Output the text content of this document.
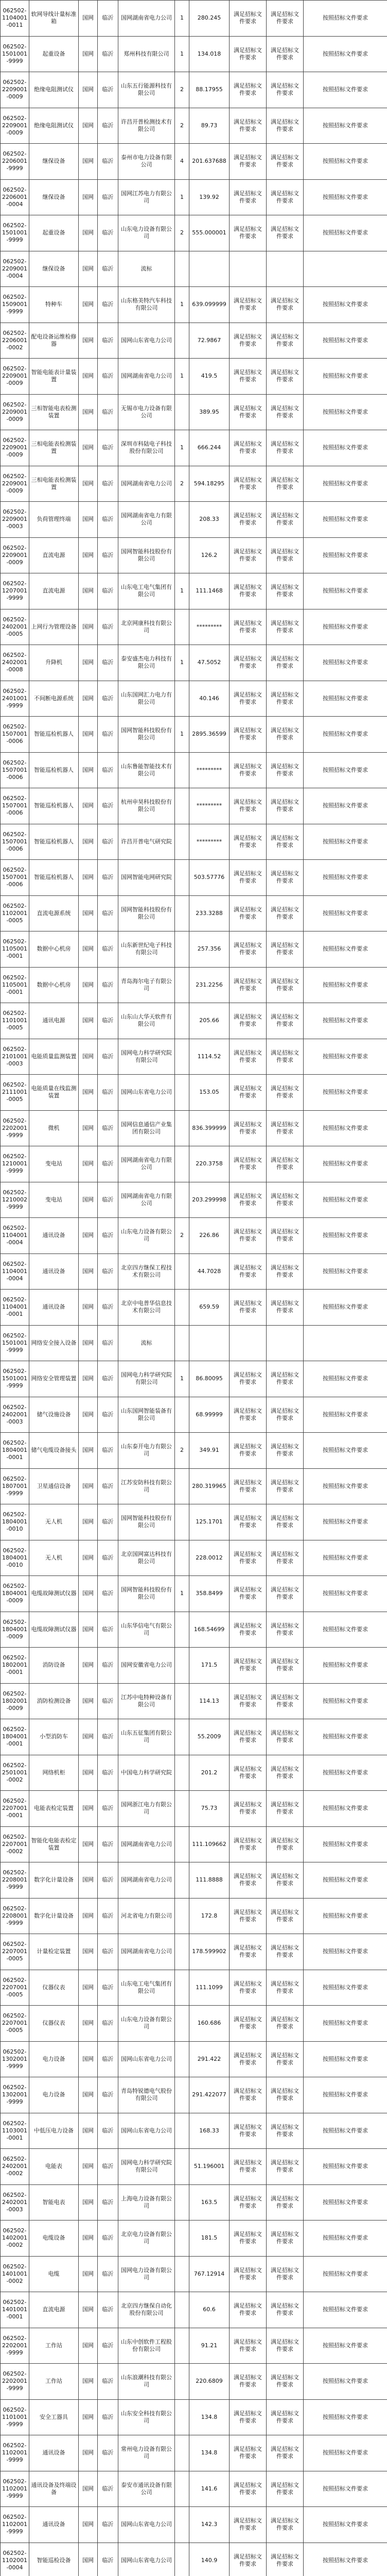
062502-1104001-0011	软网导线计量标准箱	国网	临沂	国网湖南省电力公司	1	280.245	满足招标文件要求	满足招标文件要求	按照招标文件要求
062502-1501001-9999	起重设备	国网	临沂	郑州科技有限公司	1	134.018	满足招标文件要求	满足招标文件要求	按照招标文件要求
062502-2209001-0009	绝缘电阻测试仪	国网	临沂	山东五行能源科技有限公司	2	88.17955	满足招标文件要求	满足招标文件要求	按照招标文件要求
062502-2209001-0009	绝缘电阻测试仪	国网	临沂	许昌开普检测技术有限公司	2	89.73	满足招标文件要求	满足招标文件要求	按照招标文件要求
062502-2206001-9999	继保设备	国网	临沂	泰州市电力设备有限公司	4	201.637688	满足招标文件要求	满足招标文件要求	按照招标文件要求
062502-2206001-0004	继保设备	国网	临沂	国网江苏电力有限公司	1	139.92	满足招标文件要求	满足招标文件要求	按照招标文件要求
062502-1501001-9999	起重设备	国网	临沂	山东电力设备有限公司	2	555.000001	满足招标文件要求	满足招标文件要求	按照招标文件要求
062502-2209001-0004	继保设备	国网	临沂	流标					
062502-1509001-9999	特种车	国网	临沂	山东格美特汽车科技有限公司	1	639.099999	满足招标文件要求	满足招标文件要求	按照招标文件要求
062502-2206001-0002	配电设备运维检修器	国网	临沂	国网山东省电力公司		72.9867	满足招标文件要求	满足招标文件要求	按照招标文件要求
062502-2209001-0009	智能电能表计量装置	国网	临沂	国网湖南省电力公司	1	419.5	满足招标文件要求	满足招标文件要求	按照招标文件要求
062502-2209001-0009	三相智能电表检测装置	国网	临沂	无锡市电力设备有限公司		389.95	满足招标文件要求	满足招标文件要求	按照招标文件要求
062502-2209001-0009	三相电能表检测装置	国网	临沂	深圳市科陆电子科技股份有限公司	1	666.244	满足招标文件要求	满足招标文件要求	按照招标文件要求
062502-2209001-0009	三相电能表检测装置	国网	临沂	国网湖南省电力公司	2	594.18295	满足招标文件要求	满足招标文件要求	按照招标文件要求
062502-2209001-0003	负荷管理终端	国网	临沂	国网湖南省电力有限公司		208.33	满足招标文件要求	满足招标文件要求	按照招标文件要求
062502-2209001-0009	直流电源	国网	临沂	国网智能科技股份有限公司		126.2	满足招标文件要求	满足招标文件要求	按照招标文件要求
062502-1207001-9999	直流电源	国网	临沂	山东电工电气集团有限公司	1	111.1468	满足招标文件要求	满足招标文件要求	按照招标文件要求
062502-2402001-0005	上网行为管理设备	国网	临沂	北京网康科技有限公司		*********	满足招标文件要求	满足招标文件要求	按照招标文件要求
062502-2402001-0008	升降机	国网	临沂	泰安盛杰电力科技有限公司	1	47.5052	满足招标文件要求	满足招标文件要求	按照招标文件要求
062502-2401001-9999	不间断电源系统	国网	临沂	山东国网汇力电力有限公司		40.146	满足招标文件要求	满足招标文件要求	按照招标文件要求
062502-1507001-0006	智能巡检机器人	国网	临沂	国网智能科技股份有限公司	1	2895.36599	满足招标文件要求	满足招标文件要求	按照招标文件要求
062502-1507001-0006	智能巡检机器人	国网	临沂	山东鲁能智能技术有限公司		*********	满足招标文件要求	满足招标文件要求	按照招标文件要求
062502-1507001-0006	智能巡检机器人	国网	临沂	杭州申昊科技股份有限公司		*********	满足招标文件要求	满足招标文件要求	按照招标文件要求
062502-1507001-0006	智能巡检机器人	国网	临沂	许昌开普电气研究院		*********	满足招标文件要求	满足招标文件要求	按照招标文件要求
062502-1507001-0006	智能巡检机器人	国网	临沂	国网智能电网研究院		503.57776	满足招标文件要求	满足招标文件要求	按照招标文件要求
062502-1102001-0005	直流电源系统	国网	临沂	国网智能科技股份有限公司		233.3288	满足招标文件要求	满足招标文件要求	按照招标文件要求
062502-1105001-0001	数据中心机房	国网	临沂	山东新世纪电子科技有限公司		257.356	满足招标文件要求	满足招标文件要求	按照招标文件要求
062502-1105001-0001	数据中心机房	国网	临沂	青岛海尔电子有限公司		231.2256	满足招标文件要求	满足招标文件要求	按照招标文件要求
062502-1101001-0005	通讯电源	国网	临沂	山东山大华天软件有限公司		205.66	满足招标文件要求	满足招标文件要求	按照招标文件要求
062502-2101001-0003	电能质量监测装置	国网	临沂	国网电力科学研究院有限公司		1114.52	满足招标文件要求	满足招标文件要求	按照招标文件要求
062502-2111001-0005	电能质量在线监测装置	国网	临沂	国网山东省电力公司		153.05	满足招标文件要求	满足招标文件要求	按照招标文件要求
062502-2202001-9999	微机	国网	临沂	国网信息通信产业集团有限公司		836.399999	满足招标文件要求	满足招标文件要求	按照招标文件要求
062502-1210001-9999	变电站	国网	临沂	国网湖南省电力有限公司		220.3758	满足招标文件要求	满足招标文件要求	按照招标文件要求
062502-1210002-9999	变电站	国网	临沂	国网湖南省电力有限公司		203.299998	满足招标文件要求	满足招标文件要求	按照招标文件要求
062502-1104001-0004	通讯设备	国网	临沂	山东电力设备有限公司	2	226.86	满足招标文件要求	满足招标文件要求	按照招标文件要求
062502-1104001-0004	通讯设备	国网	临沂	北京四方继保工程技术有限公司		44.7028	满足招标文件要求	满足招标文件要求	按照招标文件要求
062502-1104001-0001	通讯设备	国网	临沂	北京中电普华信息技术有限公司		659.59	满足招标文件要求	满足招标文件要求	按照招标文件要求
062502-1501001-9999	网络安全接入设备	国网	临沂	流标					
062502-1501001-9999	网络安全管理装置	国网	临沂	国网电力科学研究院有限公司	1	86.80095	满足招标文件要求	满足招标文件要求	按照招标文件要求
062502-2402001-0003	储气设施设备	国网	临沂	山东国网智能装备有限公司		68.99999	满足招标文件要求	满足招标文件要求	按照招标文件要求
062502-1804001-0001	储气电缆设备接头	国网	临沂	山东泰开电力有限公司	2	349.91	满足招标文件要求	满足招标文件要求	按照招标文件要求
062502-1807001-9999	卫星通信设备	国网	临沂	江苏安防科技有限公司		280.319965	满足招标文件要求	满足招标文件要求	按照招标文件要求
062502-1804001-0010	无人机	国网	临沂	国网智能科技股份有限公司		125.1701	满足招标文件要求	满足招标文件要求	按照招标文件要求
062502-1804001-0010	无人机	国网	临沂	北京国网富达科技有限公司		228.0012	满足招标文件要求	满足招标文件要求	按照招标文件要求
062502-1804001-0009	电缆故障测试仪器	国网	临沂	国网智能科技股份有限公司	1	358.8499	满足招标文件要求	满足招标文件要求	按照招标文件要求
062502-1804001-0009	电缆故障测试仪器	国网	临沂	山东华信电气有限公司		168.54699	满足招标文件要求	满足招标文件要求	按照招标文件要求
062502-1802001-0001	消防设备	国网	临沂	国网安徽省电力公司		171.5	满足招标文件要求	满足招标文件要求	按照招标文件要求
062502-1802001-0009	消防检测设备	国网	临沂	江苏中电特种设备有限公司		114.13	满足招标文件要求	满足招标文件要求	按照招标文件要求
062502-1804001-0001	小型消防车	国网	临沂	山东五征集团有限公司		55.2009	满足招标文件要求	满足招标文件要求	按照招标文件要求
062502-2501001-0002	网络机柜	国网	临沂	中国电力科学研究院		201.2	满足招标文件要求	满足招标文件要求	按照招标文件要求
062502-2207001-0001	电能表检定装置	国网	临沂	国网浙江电力有限公司		75.73	满足招标文件要求	满足招标文件要求	按照招标文件要求
062502-2207001-0002	智能化电能表检定装置	国网	临沂	国网湖南省电力公司		111.109662	满足招标文件要求	满足招标文件要求	按照招标文件要求
062502-2208001-9999	数字化计量设备	国网	临沂	国网湖南省电力公司		111.8888	满足招标文件要求	满足招标文件要求	按照招标文件要求
062502-2208001-9999	数字化计量设备	国网	临沂	河北省电力有限公司		172.8	满足招标文件要求	满足招标文件要求	按照招标文件要求
062502-2207001-0005	计量检定装置	国网	临沂	国网湖南省电力公司		178.599902	满足招标文件要求	满足招标文件要求	按照招标文件要求
062502-2207001-0005	仪器仪表	国网	临沂	山东电工电气集团有限公司		111.1099	满足招标文件要求	满足招标文件要求	按照招标文件要求
062502-2207001-0005	仪器仪表	国网	临沂	山东电力设备有限公司		160.686	满足招标文件要求	满足招标文件要求	按照招标文件要求
062502-1302001-9999	电力设备	国网	临沂	国网山东省电力公司		291.422	满足招标文件要求	满足招标文件要求	按照招标文件要求
062502-1302001-9999	电力设备	国网	临沂	青岛特锐德电气股份有限公司		291.422077	满足招标文件要求	满足招标文件要求	按照招标文件要求
062502-1103001-0001	中低压电力设备	国网	临沂	国网山东省电力公司		168.33	满足招标文件要求	满足招标文件要求	按照招标文件要求
062502-2402001-0002	电能表	国网	临沂	国网电力科学研究院有限公司		51.196001	满足招标文件要求	满足招标文件要求	按照招标文件要求
062502-2402001-0003	智能电表	国网	临沂	上海电力设备有限公司		163.5	满足招标文件要求	满足招标文件要求	按照招标文件要求
062502-1402001-0002	电缆设备	国网	临沂	北京电力设备有限公司		181.5	满足招标文件要求	满足招标文件要求	按照招标文件要求
062502-1401001-0002	电缆	国网	临沂	国网电力设备有限公司		767.12914	满足招标文件要求	满足招标文件要求	按照招标文件要求
062502-1401001-0001	直流电源	国网	临沂	北京四方继保自动化股份有限公司		60.6	满足招标文件要求	满足招标文件要求	按照招标文件要求
062502-2202001-9999	工作站	国网	临沂	山东中创软件工程股份有限公司		91.21	满足招标文件要求	满足招标文件要求	按照招标文件要求
062502-2202001-9999	工作站	国网	临沂	山东浪潮科技有限公司		220.6809	满足招标文件要求	满足招标文件要求	按照招标文件要求
062502-1101001-9999	安全工器具	国网	临沂	山东安全科技有限公司		134.8	满足招标文件要求	满足招标文件要求	按照招标文件要求
062502-1102001-9999	通讯设备	国网	临沂	常州电力设备有限公司		134.8	满足招标文件要求	满足招标文件要求	按照招标文件要求
062502-1102001-9999	通讯设备及终端设备	国网	临沂	泰安市通讯设备有限公司		141.6	满足招标文件要求	满足招标文件要求	按照招标文件要求
062502-1102001-9999	通讯设备	国网	临沂	国网山东省电力公司		142.3	满足招标文件要求	满足招标文件要求	按照招标文件要求
062502-1102001-0004	智能巡检设备	国网	临沂	国网山东省电力公司		140.9	满足招标文件要求	满足招标文件要求	按照招标文件要求
